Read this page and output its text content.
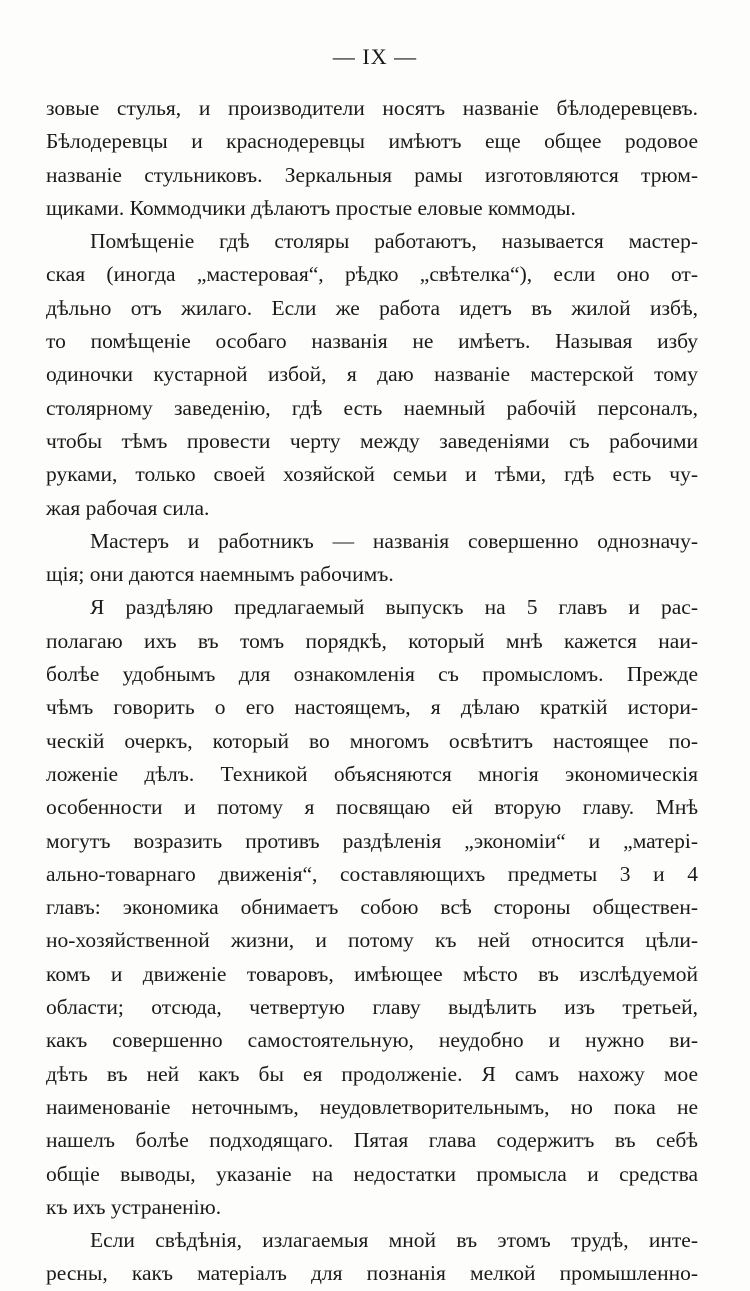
— IX —
зовые стулья, и производители носятъ названіе бѣлодеревцевъ.
Бѣлодеревцы и краснодеревцы имѣютъ еще общее родовое
названіе стульниковъ. Зеркальныя рамы изготовляются трюм-
щиками. Коммодчики дѣлаютъ простые еловые коммоды.
Помѣщеніе гдѣ столяры работаютъ, называется мастер-
ская (иногда „мастеровая“, рѣдко „свѣтелка“), если оно от-
дѣльно отъ жилаго. Если же работа идетъ въ жилой избѣ,
то помѣщеніе особаго названія не имѣетъ. Называя избу
одиночки кустарной избой, я даю названіе мастерской тому
столярному заведенію, гдѣ есть наемный рабочій персоналъ,
чтобы тѣмъ провести черту между заведеніями съ рабочими
руками, только своей хозяйской семьи и тѣми, гдѣ есть чу-
жая рабочая сила.
Мастеръ и работникъ — названія совершенно однозначу-
щія; они даются наемнымъ рабочимъ.
Я раздѣляю предлагаемый выпускъ на 5 главъ и рас-
полагаю ихъ въ томъ порядкѣ, который мнѣ кажется наи-
болѣе удобнымъ для ознакомленія съ промысломъ. Прежде
чѣмъ говорить о его настоящемъ, я дѣлаю краткій истори-
ческій очеркъ, который во многомъ освѣтитъ настоящее по-
ложеніе дѣлъ. Техникой объясняются многія экономическія
особенности и потому я посвящаю ей вторую главу. Мнѣ
могутъ возразить противъ раздѣленія „экономіи“ и „матері-
ально-товарнаго движенія“, составляющихъ предметы 3 и 4
главъ: экономика обнимаетъ собою всѣ стороны обществен-
но-хозяйственной жизни, и потому къ ней относится цѣли-
комъ и движеніе товаровъ, имѣющее мѣсто въ изслѣдуемой
области; отсюда, четвертую главу выдѣлить изъ третьей,
какъ совершенно самостоятельную, неудобно и нужно ви-
дѣть въ ней какъ бы ея продолженіе. Я самъ нахожу мое
наименованіе неточнымъ, неудовлетворительнымъ, но пока не
нашелъ болѣе подходящаго. Пятая глава содержитъ въ себѣ
общіе выводы, указаніе на недостатки промысла и средства
къ ихъ устраненію.
Если свѣдѣнія, излагаемыя мной въ этомъ трудѣ, инте-
ресны, какъ матеріалъ для познанія мелкой промышленно-
